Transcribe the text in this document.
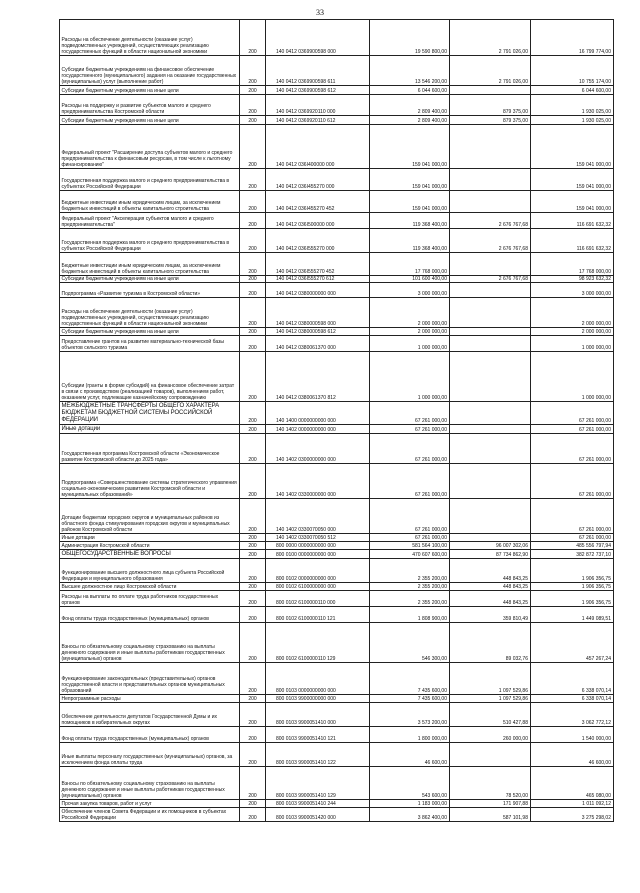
33
Расходы на обеспечение деятельности (оказание услуг) подведомственных учреждений, осуществляющих реализацию государственных функций в области национальной экономики	200	140 0412 0369900598 000	19 590 800,00	2 791 026,00	16 799 774,00
Субсидии бюджетным учреждениям на финансовое обеспечение государственного (муниципального) задания на оказание государственных (муниципальных) услуг (выполнение работ)	200	140 0412 0369900598 611	13 546 200,00	2 791 026,00	10 755 174,00
Субсидии бюджетным учреждениям на иные цели	200	140 0412 0369900598 612	6 044 600,00		6 044 600,00
Расходы на поддержку и развитие субъектов малого и среднего предпринимательства Костромской области	200	140 0412 0369920110 000	2 809 400,00	879 375,00	1 930 025,00
Субсидии бюджетным учреждениям на иные цели	200	140 0412 0369920110 612	2 809 400,00	879 375,00	1 930 025,00
Федеральный проект "Расширение доступа субъектов малого и среднего предпринимательства к финансовым ресурсам, в том числе к льготному финансированию"	200	140 0412 036I400000 000	159 041 000,00		159 041 000,00
Государственная поддержка малого и среднего предпринимательства в субъектах Российской Федерации	200	140 0412 036I455270 000	159 041 000,00		159 041 000,00
Бюджетные инвестиции иным юридическим лицам, за исключением бюджетных инвестиций в объекты капитального строительства	200	140 0412 036I455270 452	159 041 000,00		159 041 000,00
Федеральный проект "Акселерация субъектов малого и среднего предпринимательства"	200	140 0412 036I500000 000	119 368 400,00	2 676 767,68	116 691 632,32
Государственная поддержка малого и среднего предпринимательства в субъектах Российской Федерации	200	140 0412 036I555270 000	119 368 400,00	2 676 767,68	116 691 632,32
Бюджетные инвестиции иным юридическим лицам, за исключением бюджетных инвестиций в объекты капитального строительства	200	140 0412 036I555270 452	17 768 000,00		17 768 000,00
Субсидии бюджетным учреждениям на иные цели	200	140 0412 036I555270 612	101 600 400,00	2 676 767,68	98 923 632,32
Подпрограмма «Развитие туризма в Костромской области»	200	140 0412 0380000000 000	3 000 000,00		3 000 000,00
Расходы на обеспечение деятельности (оказание услуг) подведомственных учреждений, осуществляющих реализацию государственных функций в области национальной экономики	200	140 0412 0380000598 000	2 000 000,00		2 000 000,00
Субсидии бюджетным учреждениям на иные цели	200	140 0412 0380000598 612	2 000 000,00		2 000 000,00
Предоставление грантов на развитие материально-технической базы объектов сельского туризма	200	140 0412 0380061370 000	1 000 000,00		1 000 000,00
Субсидии (гранты в форме субсидий) на финансовое обеспечение затрат в связи с производством (реализацией товаров), выполнением работ, оказанием услуг, подлежащие казначейскому сопровождению	200	140 0412 0380061370 812	1 000 000,00		1 000 000,00
МЕЖБЮДЖЕТНЫЕ ТРАНСФЕРТЫ ОБЩЕГО ХАРАКТЕРА БЮДЖЕТАМ БЮДЖЕТНОЙ СИСТЕМЫ РОССИЙСКОЙ ФЕДЕРАЦИИ	200	140 1400 0000000000 000	67 261 000,00		67 261 000,00
Иные дотации	200	140 1402 0000000000 000	67 261 000,00		67 261 000,00
Государственная программа Костромской области «Экономическое развитие Костромской области до 2025 года»	200	140 1402 0300000000 000	67 261 000,00		67 261 000,00
Подпрограмма «Совершенствование системы стратегического управления социально-экономическим развитием Костромской области и муниципальных образований»	200	140 1402 0330000000 000	67 261 000,00		67 261 000,00
Дотации бюджетам городских округов и муниципальных районов из областного фонда стимулирования городских округов и муниципальных районов Костромской области	200	140 1402 0330070050 000	67 261 000,00		67 261 000,00
Иные дотации	200	140 1402 0330070050 512	67 261 000,00		67 261 000,00
Администрация Костромской области	200	800 0000 0000000000 000	581 564 100,00	96 007 302,06	485 556 797,94
ОБЩЕГОСУДАРСТВЕННЫЕ ВОПРОСЫ	200	800 0100 0000000000 000	470 607 600,00	87 734 862,90	382 872 737,10
Функционирование высшего должностного лица субъекта Российской Федерации и муниципального образования	200	800 0102 0000000000 000	2 355 200,00	448 843,25	1 906 356,75
Высшее должностное лицо Костромской области	200	800 0102 6100000000 000	2 355 200,00	448 843,25	1 906 356,75
Расходы на выплаты по оплате труда работников государственных органов	200	800 0102 6100000110 000	2 355 200,00	448 843,25	1 906 356,75
Фонд оплаты труда государственных (муниципальных) органов	200	800 0102 6100000110 121	1 808 900,00	359 810,49	1 449 089,51
Взносы по обязательному социальному страхованию на выплаты денежного содержания и иные выплаты работникам государственных (муниципальных) органов	200	800 0102 6100000110 129	546 300,00	89 032,76	457 267,24
Функционирование законодательных (представительных) органов государственной власти и представительных органов муниципальных образований	200	800 0103 0000000000 000	7 435 600,00	1 097 529,86	6 338 070,14
Непрограммные расходы	200	800 0103 9900000000 000	7 435 600,00	1 097 529,86	6 338 070,14
Обеспечение деятельности депутатов Государственной Думы и их помощников в избирательных округах	200	800 0103 9900051410 000	3 573 200,00	510 427,88	3 062 772,12
Фонд оплаты труда государственных (муниципальных) органов	200	800 0103 9900051410 121	1 800 000,00	260 000,00	1 540 000,00
Иные выплаты персоналу государственных (муниципальных) органов, за исключением фонда оплаты труда	200	800 0103 9900051410 122	46 600,00		46 600,00
Взносы по обязательному социальному страхованию на выплаты денежного содержания и иные выплаты работникам государственных (муниципальных) органов	200	800 0103 9900051410 129	543 600,00	78 520,00	465 080,00
Прочая закупка товаров, работ и услуг	200	800 0103 9900051410 244	1 183 000,00	171 907,88	1 011 092,12
Обеспечение членов Совета Федерации и их помощников в субъектах Российской Федерации	200	800 0103 9900051420 000	3 862 400,00	587 101,98	3 275 298,02
